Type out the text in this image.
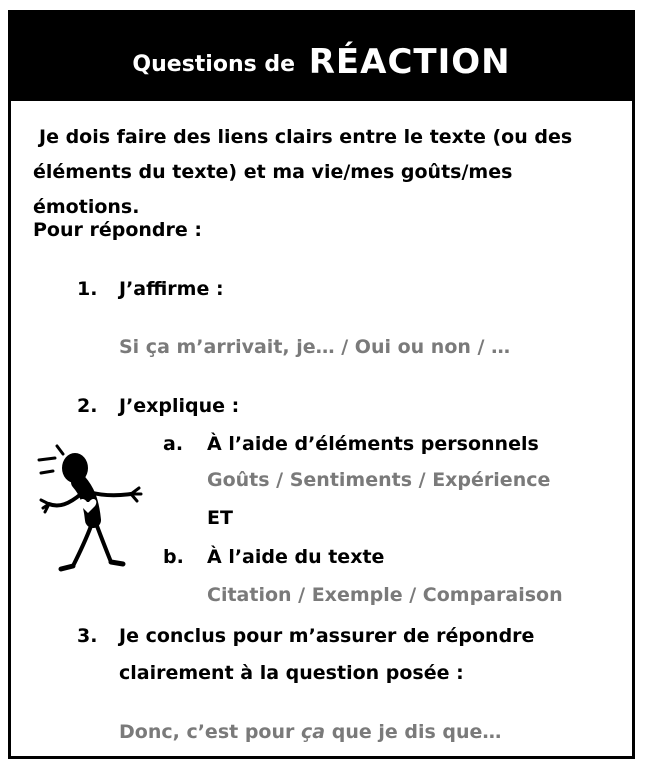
Questions de RÉACTION
Je dois faire des liens clairs entre le texte (ou des
éléments du texte) et ma vie/mes goûts/mes émotions.
Pour répondre :
1. J’affirme :
Si ça m’arrivait, je… / Oui ou non / …
2. J’explique :
a. À l’aide d’éléments personnels
Goûts / Sentiments / Expérience
ET
b. À l’aide du texte
Citation / Exemple / Comparaison
3. Je conclus pour m’assurer de répondre
clairement à la question posée :
Donc, c’est pour ça que je dis que…
